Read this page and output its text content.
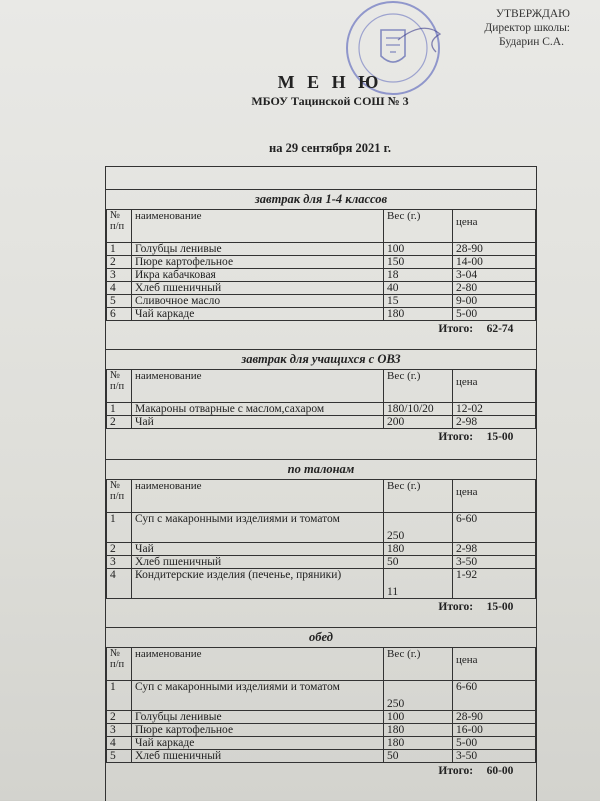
УТВЕРЖДАЮ
Директор школы:
Бударин С.А.
М Е Н Ю
МБОУ Тацинской СОШ № 3
на 29 сентября 2021 г.
завтрак для 1-4 классов
№ п/п	наименование	Вес (г.)	цена
1	Голубцы ленивые	100	28-90
2	Пюре картофельное	150	14-00
3	Икра кабачковая	18	3-04
4	Хлеб пшеничный	40	2-80
5	Сливочное масло	15	9-00
6	Чай каркаде	180	5-00
Итого: 62-74
завтрак для учащихся с ОВЗ
№ п/п	наименование	Вес (г.)	цена
1	Макароны отварные с маслом,сахаром	180/10/20	12-02
2	Чай	200	2-98
Итого: 15-00
по талонам
№ п/п	наименование	Вес (г.)	цена
1	Суп с макаронными изделиями и томатом	250	6-60
2	Чай	180	2-98
3	Хлеб пшеничный	50	3-50
4	Кондитерские изделия (печенье, пряники)	11	1-92
Итого: 15-00
обед
№ п/п	наименование	Вес (г.)	цена
1	Суп с макаронными изделиями и томатом	250	6-60
2	Голубцы ленивые	100	28-90
3	Пюре картофельное	180	16-00
4	Чай каркаде	180	5-00
5	Хлеб пшеничный	50	3-50
Итого: 60-00
